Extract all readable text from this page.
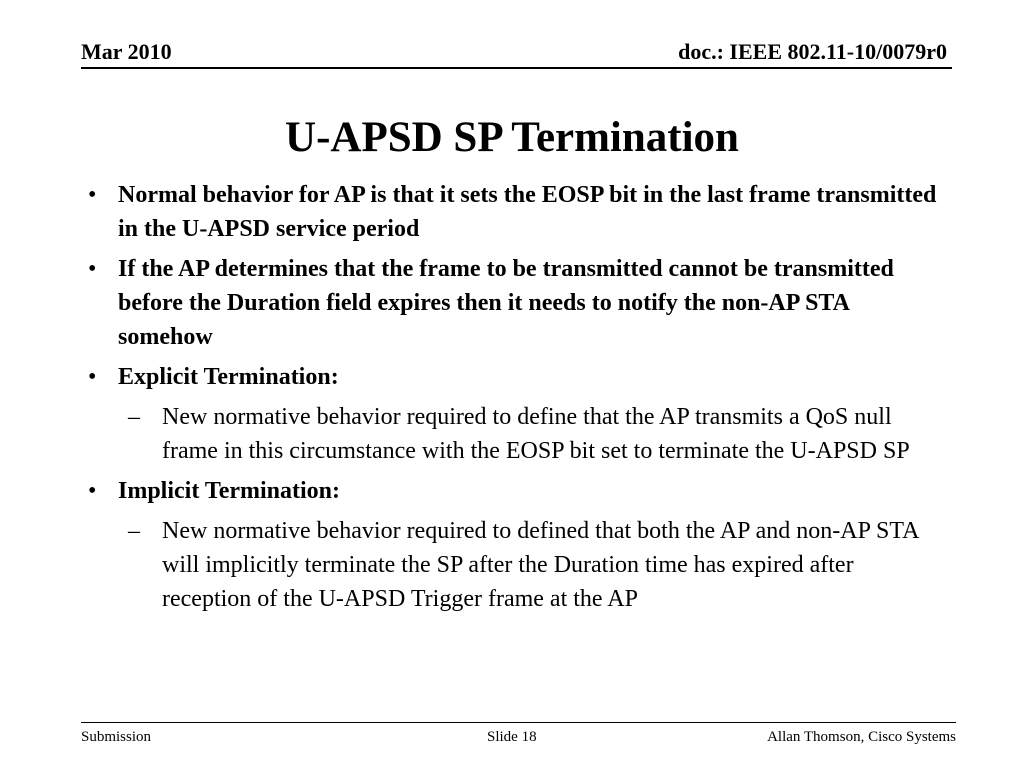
Mar 2010	doc.: IEEE 802.11-10/0079r0
U-APSD SP Termination
• Normal behavior for AP is that it sets the EOSP bit in the last frame transmitted in the U-APSD service period
• If the AP determines that the frame to be transmitted cannot be transmitted before the Duration field expires then it needs to notify the non-AP STA somehow
• Explicit Termination:
– New normative behavior required to define that the AP transmits a QoS null frame in this circumstance with the EOSP bit set to terminate the U-APSD SP
• Implicit Termination:
– New normative behavior required to defined that both the AP and non-AP STA will implicitly terminate the SP after the Duration time has expired after reception of the U-APSD Trigger frame at the AP
Submission	Slide 18	Allan Thomson, Cisco Systems
